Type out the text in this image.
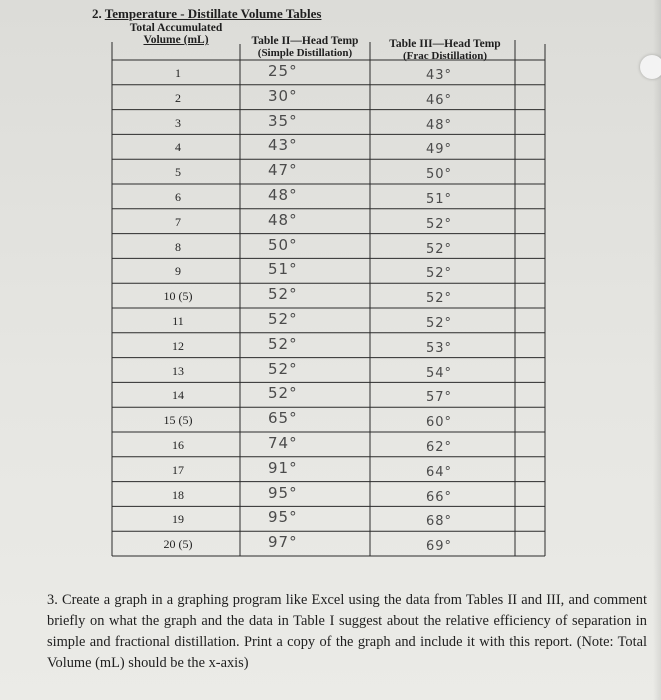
2. Temperature - Distillate Volume Tables
Total Accumulated
Volume (mL)	Table II—Head Temp
(Simple Distillation)
Table III—Head Temp
(Frac Distillation)
1	25°	43°
2	30°	46°
3	35°	48°
4	43°	49°
5	47°	50°
6	48°	51°
7	48°	52°
8	50°	52°
9	51°	52°
10 (5)	52°	52°
11	52°	52°
12	52°	53°
13	52°	54°
14	52°	57°
15 (5)	65°	60°
16	74°	62°
17	91°	64°
18	95°	66°
19	95°	68°
20 (5)	97°	69°
3. Create a graph in a graphing program like Excel using the data from Tables II and III, and comment briefly on what the graph and the data in Table I suggest about the relative efficiency of separation in simple and fractional distillation. Print a copy of the graph and include it with this report. (Note: Total Volume (mL) should be the x-axis)
